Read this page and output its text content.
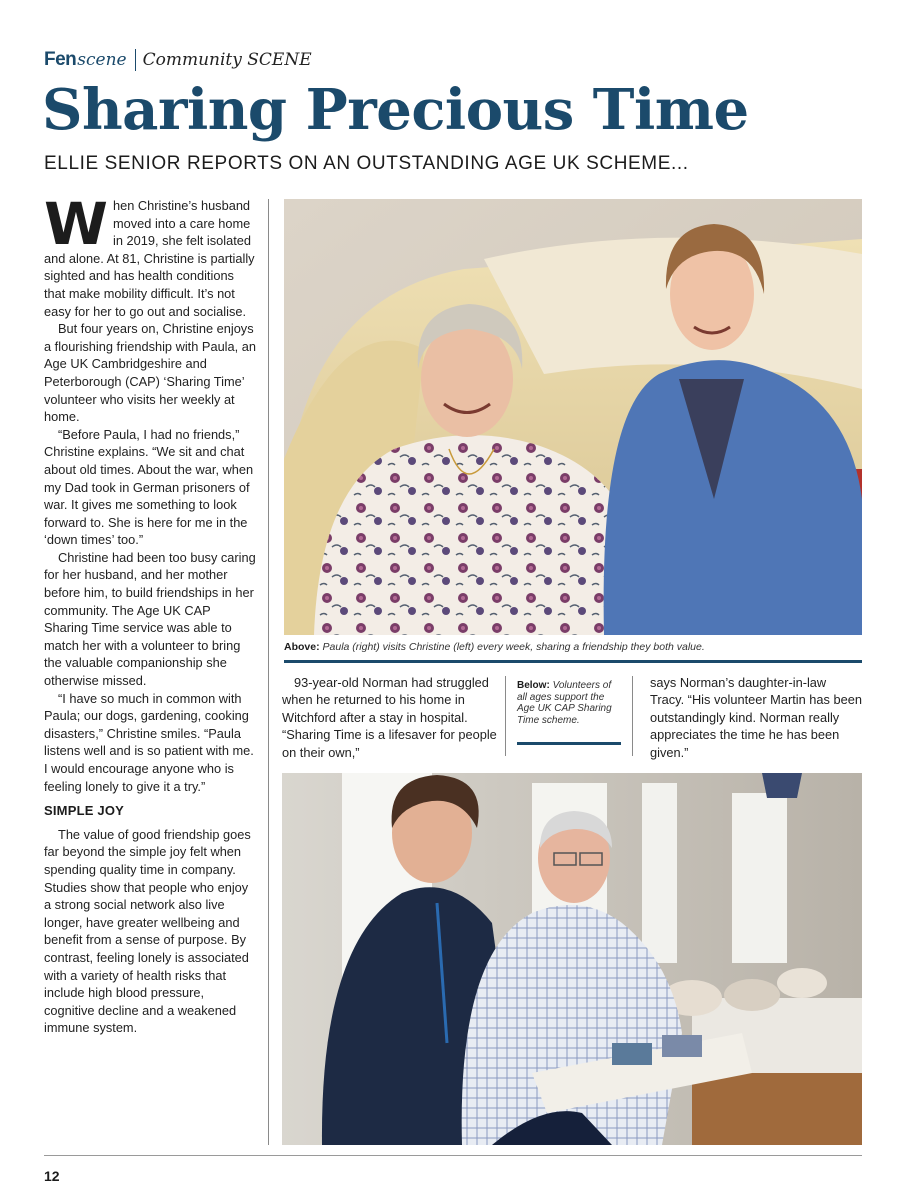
Fen scene Community SCENE
Sharing Precious Time
ELLIE SENIOR REPORTS ON AN OUTSTANDING AGE UK SCHEME...

When Christine’s husband moved into a care home in 2019, she felt isolated and alone. At 81, Christine is partially sighted and has health conditions that make mobility difficult. It’s not easy for her to go out and socialise.

But four years on, Christine enjoys a flourishing friendship with Paula, an Age UK Cambridgeshire and Peterborough (CAP) ‘Sharing Time’ volunteer who visits her weekly at home.

“Before Paula, I had no friends,” Christine explains. “We sit and chat about old times. About the war, when my Dad took in German prisoners of war. It gives me something to look forward to. She is here for me in the ‘down times’ too.”

Christine had been too busy caring for her husband, and her mother before him, to build friendships in her community. The Age UK CAP Sharing Time service was able to match her with a volunteer to bring the valuable companionship she otherwise missed.

“I have so much in common with Paula; our dogs, gardening, cooking disasters,” Christine smiles. “Paula listens well and is so patient with me. I would encourage anyone who is feeling lonely to give it a try.”

SIMPLE JOY

The value of good friendship goes far beyond the simple joy felt when spending quality time in company. Studies show that people who enjoy a strong social network also live longer, have greater wellbeing and benefit from a sense of purpose. By contrast, feeling lonely is associated with a variety of health risks that include high blood pressure, cognitive decline and a weakened immune system.

Above: Paula (right) visits Christine (left) every week, sharing a friendship they both value.

93-year-old Norman had struggled when he returned to his home in Witchford after a stay in hospital. “Sharing Time is a lifesaver for people on their own,”

Below: Volunteers of all ages support the Age UK CAP Sharing Time scheme.

says Norman’s daughter-in-law Tracy. “His volunteer Martin has been outstandingly kind. Norman really appreciates the time he has been given.”

12
